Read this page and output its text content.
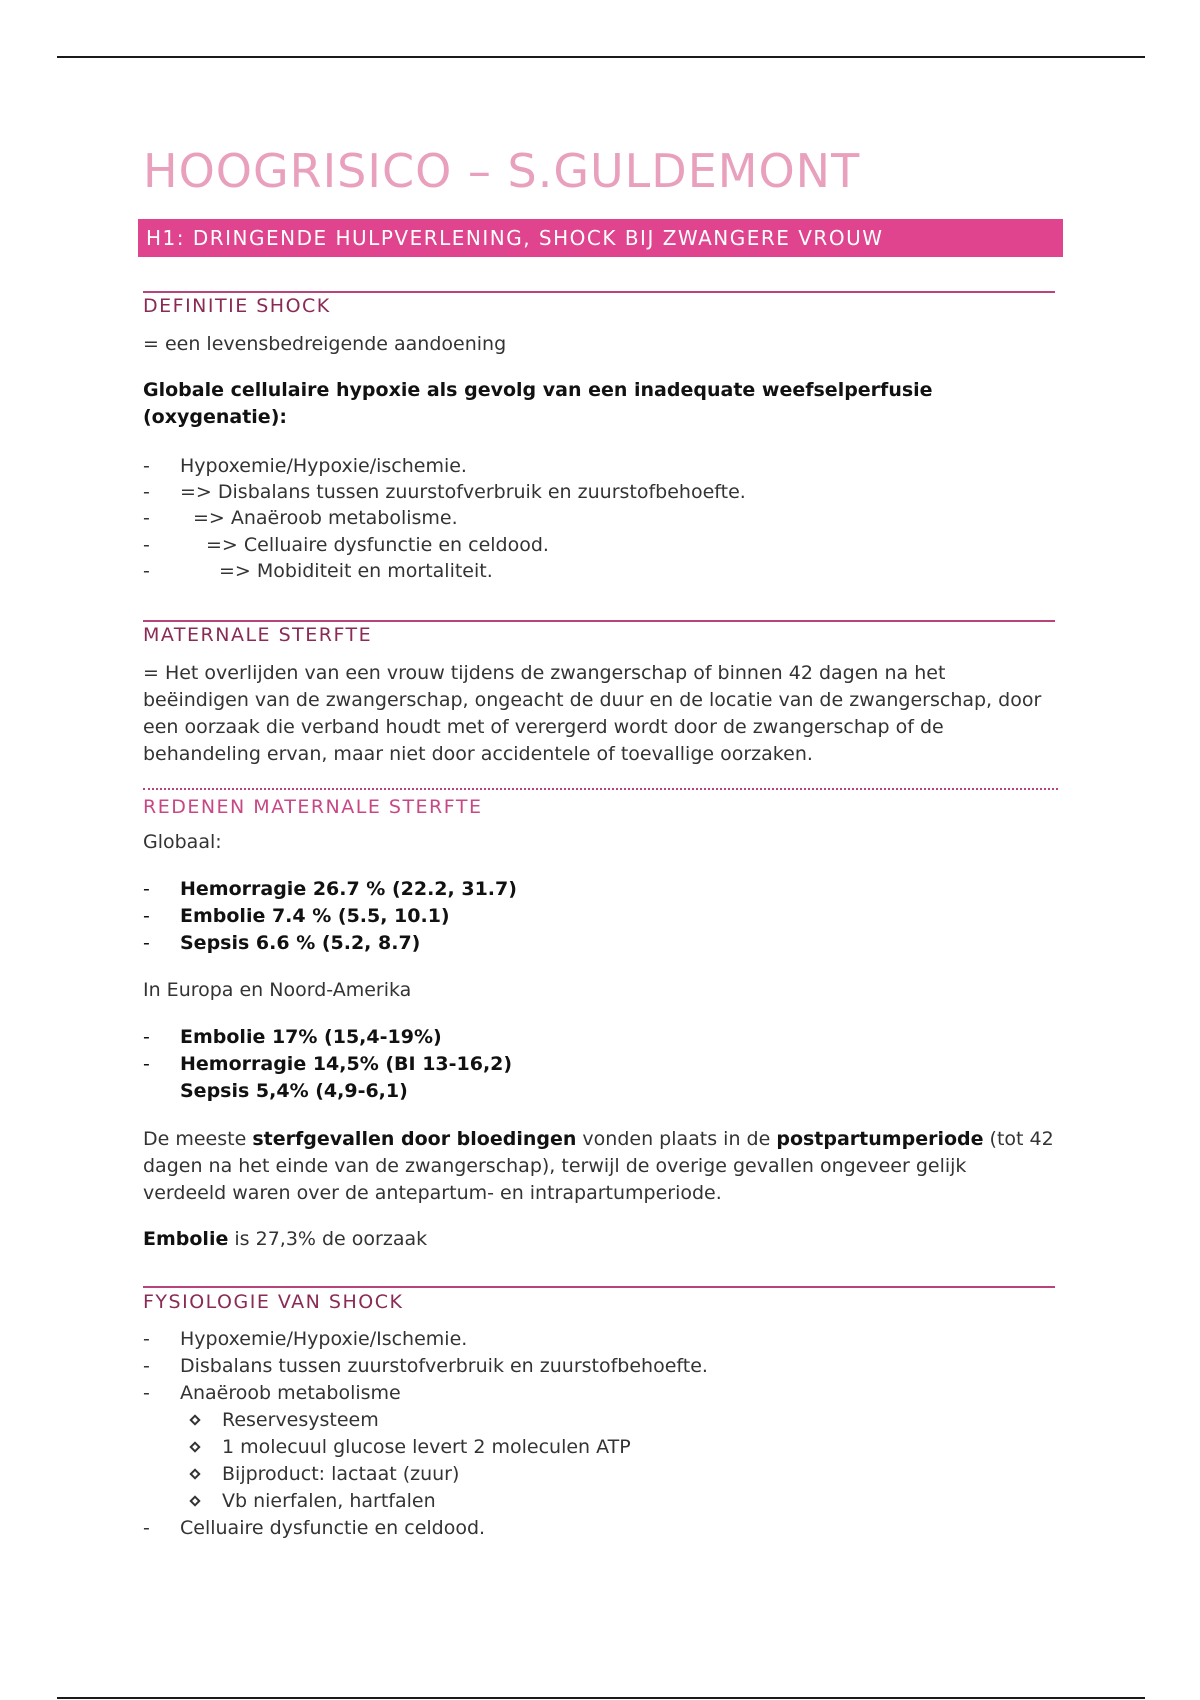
HOOGRISICO – S.GULDEMONT
H1: DRINGENDE HULPVERLENING, SHOCK BIJ ZWANGERE VROUW
DEFINITIE SHOCK

= een levensbedreigende aandoening

Globale cellulaire hypoxie als gevolg van een inadequate weefselperfusie (oxygenatie):

- Hypoxemie/Hypoxie/ischemie.
- => Disbalans tussen zuurstofverbruik en zuurstofbehoefte.
- => Anaëroob metabolisme.
-	=> Celluaire dysfunctie en celdood.
-	=> Mobiditeit en mortaliteit.
MATERNALE STERFTE

= Het overlijden van een vrouw tijdens de zwangerschap of binnen 42 dagen na het beëindigen van de zwangerschap, ongeacht de duur en de locatie van de zwangerschap, door een oorzaak die verband houdt met of verergerd wordt door de zwangerschap of de behandeling ervan, maar niet door accidentele of toevallige oorzaken.

REDENEN MATERNALE STERFTE

Globaal:

- Hemorragie 26.7 % (22.2, 31.7)
- Embolie 7.4 % (5.5, 10.1)
- Sepsis 6.6 % (5.2, 8.7)

In Europa en Noord-Amerika

- Embolie 17% (15,4-19%)
- Hemorragie 14,5% (BI 13-16,2)
Sepsis 5,4% (4,9-6,1)

De meeste sterfgevallen door bloedingen vonden plaats in de postpartumperiode (tot 42 dagen na het einde van de zwangerschap), terwijl de overige gevallen ongeveer gelijk verdeeld waren over de antepartum- en intrapartumperiode.

Embolie is 27,3% de oorzaak

FYSIOLOGIE VAN SHOCK
- Hypoxemie/Hypoxie/Ischemie.
- Disbalans tussen zuurstofverbruik en zuurstofbehoefte.
- Anaëroob metabolisme
Reservesysteem
1 molecuul glucose levert 2 moleculen ATP
Bijproduct: lactaat (zuur)
Vb nierfalen, hartfalen
- Celluaire dysfunctie en celdood.
